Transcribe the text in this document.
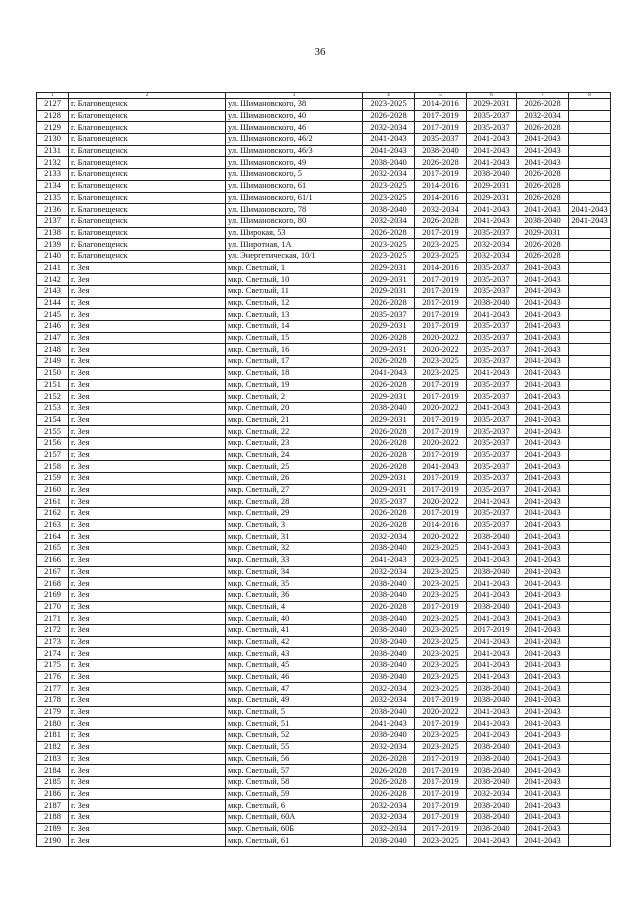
36
1	2	3	4	5	6	7	8
2127	г. Благовещенск	ул. Шимановского, 38	2023-2025	2014-2016	2029-2031	2026-2028	
2128	г. Благовещенск	ул. Шимановского, 40	2026-2028	2017-2019	2035-2037	2032-2034	
2129	г. Благовещенск	ул. Шимановского, 46	2032-2034	2017-2019	2035-2037	2026-2028	
2130	г. Благовещенск	ул. Шимановского, 46/2	2041-2043	2035-2037	2041-2043	2041-2043	
2131	г. Благовещенск	ул. Шимановского, 46/3	2041-2043	2038-2040	2041-2043	2041-2043	
2132	г. Благовещенск	ул. Шимановского, 49	2038-2040	2026-2028	2041-2043	2041-2043	
2133	г. Благовещенск	ул. Шимановского, 5	2032-2034	2017-2019	2038-2040	2026-2028	
2134	г. Благовещенск	ул. Шимановского, 61	2023-2025	2014-2016	2029-2031	2026-2028	
2135	г. Благовещенск	ул. Шимановского, 61/1	2023-2025	2014-2016	2029-2031	2026-2028	
2136	г. Благовещенск	ул. Шимановского, 78	2038-2040	2032-2034	2041-2043	2041-2043	2041-2043
2137	г. Благовещенск	ул. Шимановского, 80	2032-2034	2026-2028	2041-2043	2038-2040	2041-2043
2138	г. Благовещенск	ул. Широкая, 53	2026-2028	2017-2019	2035-2037	2029-2031	
2139	г. Благовещенск	ул. Широтная, 1А	2023-2025	2023-2025	2032-2034	2026-2028	
2140	г. Благовещенск	ул. Энергетическая, 10/1	2023-2025	2023-2025	2032-2034	2026-2028	
2141	г. Зея	мкр. Светлый, 1	2029-2031	2014-2016	2035-2037	2041-2043	
2142	г. Зея	мкр. Светлый, 10	2029-2031	2017-2019	2035-2037	2041-2043	
2143	г. Зея	мкр. Светлый, 11	2029-2031	2017-2019	2035-2037	2041-2043	
2144	г. Зея	мкр. Светлый, 12	2026-2028	2017-2019	2038-2040	2041-2043	
2145	г. Зея	мкр. Светлый, 13	2035-2037	2017-2019	2041-2043	2041-2043	
2146	г. Зея	мкр. Светлый, 14	2029-2031	2017-2019	2035-2037	2041-2043	
2147	г. Зея	мкр. Светлый, 15	2026-2028	2020-2022	2035-2037	2041-2043	
2148	г. Зея	мкр. Светлый, 16	2029-2031	2020-2022	2035-2037	2041-2043	
2149	г. Зея	мкр. Светлый, 17	2026-2028	2023-2025	2035-2037	2041-2043	
2150	г. Зея	мкр. Светлый, 18	2041-2043	2023-2025	2041-2043	2041-2043	
2151	г. Зея	мкр. Светлый, 19	2026-2028	2017-2019	2035-2037	2041-2043	
2152	г. Зея	мкр. Светлый, 2	2029-2031	2017-2019	2035-2037	2041-2043	
2153	г. Зея	мкр. Светлый, 20	2038-2040	2020-2022	2041-2043	2041-2043	
2154	г. Зея	мкр. Светлый, 21	2029-2031	2017-2019	2035-2037	2041-2043	
2155	г. Зея	мкр. Светлый, 22	2026-2028	2017-2019	2035-2037	2041-2043	
2156	г. Зея	мкр. Светлый, 23	2026-2028	2020-2022	2035-2037	2041-2043	
2157	г. Зея	мкр. Светлый, 24	2026-2028	2017-2019	2035-2037	2041-2043	
2158	г. Зея	мкр. Светлый, 25	2026-2028	2041-2043	2035-2037	2041-2043	
2159	г. Зея	мкр. Светлый, 26	2029-2031	2017-2019	2035-2037	2041-2043	
2160	г. Зея	мкр. Светлый, 27	2029-2031	2017-2019	2035-2037	2041-2043	
2161	г. Зея	мкр. Светлый, 28	2035-2037	2020-2022	2041-2043	2041-2043	
2162	г. Зея	мкр. Светлый, 29	2026-2028	2017-2019	2035-2037	2041-2043	
2163	г. Зея	мкр. Светлый, 3	2026-2028	2014-2016	2035-2037	2041-2043	
2164	г. Зея	мкр. Светлый, 31	2032-2034	2020-2022	2038-2040	2041-2043	
2165	г. Зея	мкр. Светлый, 32	2038-2040	2023-2025	2041-2043	2041-2043	
2166	г. Зея	мкр. Светлый, 33	2041-2043	2023-2025	2041-2043	2041-2043	
2167	г. Зея	мкр. Светлый, 34	2032-2034	2023-2025	2038-2040	2041-2043	
2168	г. Зея	мкр. Светлый, 35	2038-2040	2023-2025	2041-2043	2041-2043	
2169	г. Зея	мкр. Светлый, 36	2038-2040	2023-2025	2041-2043	2041-2043	
2170	г. Зея	мкр. Светлый, 4	2026-2028	2017-2019	2038-2040	2041-2043	
2171	г. Зея	мкр. Светлый, 40	2038-2040	2023-2025	2041-2043	2041-2043	
2172	г. Зея	мкр. Светлый, 41	2038-2040	2023-2025	2017-2019	2041-2043	
2173	г. Зея	мкр. Светлый, 42	2038-2040	2023-2025	2041-2043	2041-2043	
2174	г. Зея	мкр. Светлый, 43	2038-2040	2023-2025	2041-2043	2041-2043	
2175	г. Зея	мкр. Светлый, 45	2038-2040	2023-2025	2041-2043	2041-2043	
2176	г. Зея	мкр. Светлый, 46	2038-2040	2023-2025	2041-2043	2041-2043	
2177	г. Зея	мкр. Светлый, 47	2032-2034	2023-2025	2038-2040	2041-2043	
2178	г. Зея	мкр. Светлый, 49	2032-2034	2017-2019	2038-2040	2041-2043	
2179	г. Зея	мкр. Светлый, 5	2038-2040	2020-2022	2041-2043	2041-2043	
2180	г. Зея	мкр. Светлый, 51	2041-2043	2017-2019	2041-2043	2041-2043	
2181	г. Зея	мкр. Светлый, 52	2038-2040	2023-2025	2041-2043	2041-2043	
2182	г. Зея	мкр. Светлый, 55	2032-2034	2023-2025	2038-2040	2041-2043	
2183	г. Зея	мкр. Светлый, 56	2026-2028	2017-2019	2038-2040	2041-2043	
2184	г. Зея	мкр. Светлый, 57	2026-2028	2017-2019	2038-2040	2041-2043	
2185	г. Зея	мкр. Светлый, 58	2026-2028	2017-2019	2038-2040	2041-2043	
2186	г. Зея	мкр. Светлый, 59	2026-2028	2017-2019	2032-2034	2041-2043	
2187	г. Зея	мкр. Светлый, 6	2032-2034	2017-2019	2038-2040	2041-2043	
2188	г. Зея	мкр. Светлый, 60А	2032-2034	2017-2019	2038-2040	2041-2043	
2189	г. Зея	мкр. Светлый, 60Б	2032-2034	2017-2019	2038-2040	2041-2043	
2190	г. Зея	мкр. Светлый, 61	2038-2040	2023-2025	2041-2043	2041-2043	
